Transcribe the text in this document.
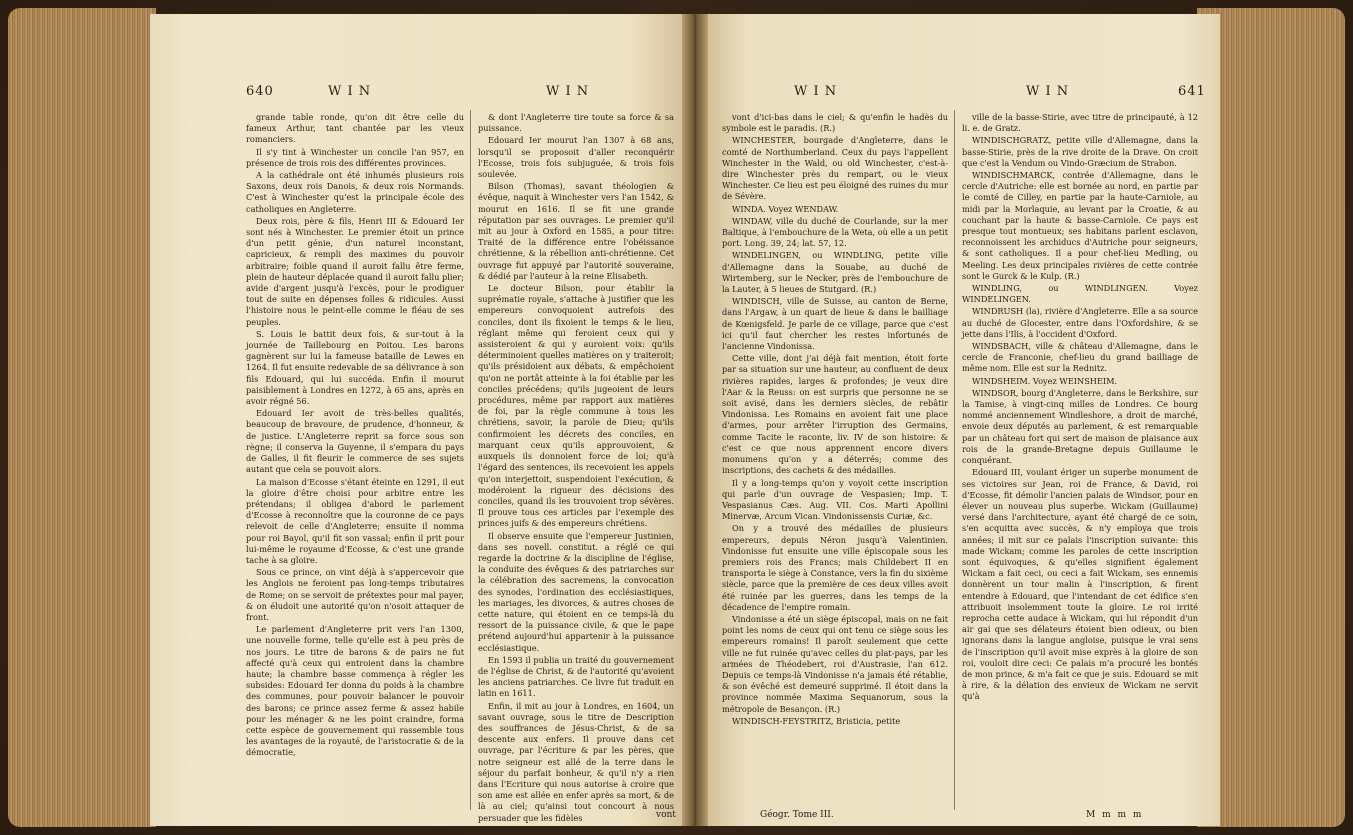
640	W I N	W I N

grande table ronde, qu'on dit être celle du fameux Arthur, tant chantée par les vieux romanciers.

Il s'y tint à Winchester un concile l'an 957, en présence de trois rois des différentes provinces.

A la cathédrale ont été inhumés plusieurs rois Saxons, deux rois Danois, & deux rois Normands. C'est à Winchester qu'est la principale école des catholiques en Angleterre.

Deux rois, père & fils, Henri III & Edouard Ier sont nés à Winchester. Le premier étoit un prince d'un petit génie, d'un naturel inconstant, capricieux, & rempli des maximes du pouvoir arbitraire; foible quand il auroit fallu être ferme, plein de hauteur déplacée quand il auroit fallu plier; avide d'argent jusqu'à l'excès, pour le prodiguer tout de suite en dépenses folles & ridicules. Aussi l'histoire nous le peint-elle comme le fléau de ses peuples.

S. Louis le battit deux fois, & sur-tout à la journée de Taillebourg en Poitou. Les barons gagnèrent sur lui la fameuse bataille de Lewes en 1264. Il fut ensuite redevable de sa délivrance à son fils Edouard, qui lui succéda. Enfin il mourut paisiblement à Londres en 1272, à 65 ans, après en avoir régné 56.

Edouard Ier avoit de très-belles qualités, beaucoup de bravoure, de prudence, d'honneur, & de justice. L'Angleterre reprit sa force sous son règne; il conserva la Guyenne, il s'empara du pays de Galles, il fit fleurir le commerce de ses sujets autant que cela se pouvoit alors.

La maison d'Ecosse s'étant éteinte en 1291, il eut la gloire d'être choisi pour arbitre entre les prétendans; il obligea d'abord le parlement d'Ecosse à reconnoître que la couronne de ce pays relevoit de celle d'Angleterre; ensuite il nomma pour roi Bayol, qu'il fit son vassal; enfin il prit pour lui-même le royaume d'Ecosse, & c'est une grande tache à sa gloire.

Sous ce prince, on vint déjà à s'appercevoir que les Anglois ne feroient pas long-temps tributaires de Rome; on se servoit de prétextes pour mal payer, & on éludoit une autorité qu'on n'osoit attaquer de front.

Le parlement d'Angleterre prit vers l'an 1300, une nouvelle forme, telle qu'elle est à peu près de nos jours. Le titre de barons & de pairs ne fut affecté qu'à ceux qui entroient dans la chambre haute; la chambre basse commença à régler les subsides: Edouard Ier donna du poids à la chambre des communes, pour pouvoir balancer le pouvoir des barons; ce prince assez ferme & assez habile pour les ménager & ne les point craindre, forma cette espèce de gouvernement qui rassemble tous les avantages de la royauté, de l'aristocratie & de la démocratie,

& dont l'Angleterre tire toute sa force & sa puissance.

Edouard Ier mourut l'an 1307 à 68 ans, lorsqu'il se proposoit d'aller reconquérir l'Ecosse, trois fois subjuguée, & trois fois soulevée.

Bilson (Thomas), savant théologien & évêque, naquit à Winchester vers l'an 1542, & mourut en 1616. Il se fit une grande réputation par ses ouvrages. Le premier qu'il mit au jour à Oxford en 1585, a pour titre: Traité de la différence entre l'obéissance chrétienne, & la rébellion anti-chrétienne. Cet ouvrage fut appuyé par l'autorité souveraine, & dédié par l'auteur à la reine Elisabeth.

Le docteur Bilson, pour établir la suprématie royale, s'attache à justifier que les empereurs convoquoient autrefois des conciles, dont ils fixoient le temps & le lieu, réglant même qui feroient ceux qui y assisteroient & qui y auroient voix: qu'ils déterminoient quelles matières on y traiteroit; qu'ils présidoient aux débats, & empêchoient qu'on ne portât atteinte à la foi établie par les conciles précédens; qu'ils jugeoient de leurs procédures, même par rapport aux matières de foi, par la règle commune à tous les chrétiens, savoir, la parole de Dieu; qu'ils confirmoient les décrets des conciles, en marquant ceux qu'ils approuvoient, & auxquels ils donnoient force de loi; qu'à l'égard des sentences, ils recevoient les appels qu'on interjettoit, suspendoient l'exécution, & modéroient la rigueur des décisions des conciles, quand ils les trouvoient trop sévères. Il prouve tous ces articles par l'exemple des princes juifs & des empereurs chrétiens.

Il observe ensuite que l'empereur Justinien, dans ses novell. constitut. a réglé ce qui regarde la doctrine & la discipline de l'église, la conduite des évêques & des patriarches sur la célébration des sacremens, la convocation des synodes, l'ordination des ecclésiastiques, les mariages, les divorces, & autres choses de cette nature, qui étoient en ce temps-là du ressort de la puissance civile, & que le pape prétend aujourd'hui appartenir à la puissance ecclésiastique.

En 1593 il publia un traité du gouvernement de l'église de Christ, & de l'autorité qu'avoient les anciens patriarches. Ce livre fut traduit en latin en 1611.

Enfin, il mit au jour à Londres, en 1604, un savant ouvrage, sous le titre de Description des souffrances de Jésus-Christ, & de sa descente aux enfers. Il prouve dans cet ouvrage, par l'écriture & par les pères, que notre seigneur est allé de la terre dans le séjour du parfait bonheur, & qu'il n'y a rien dans l'Ecriture qui nous autorise à croire que son ame est allée en enfer après sa mort, & de là au ciel; qu'ainsi tout concourt à nous persuader que les fidèles	vont
W I N	W I N	641

vont d'ici-bas dans le ciel; & qu'enfin le hadès du symbole est le paradis. (R.)

WINCHESTER, bourgade d'Angleterre, dans le comté de Northumberland. Ceux du pays l'appellent Winchester in the Wald, ou old Winchester, c'est-à-dire Winchester près du rempart, ou le vieux Winchester. Ce lieu est peu éloigné des ruines du mur de Sévère.

WINDA. Voyez WENDAW.

WINDAW, ville du duché de Courlande, sur la mer Baltique, à l'embouchure de la Weta, où elle a un petit port. Long. 39, 24; lat. 57, 12.

WINDELINGEN, ou WINDLING, petite ville d'Allemagne dans la Souabe, au duché de Wirtemberg, sur le Necker, près de l'embouchure de la Lauter, à 5 lieues de Stutgard. (R.)

WINDISCH, ville de Suisse, au canton de Berne, dans l'Argaw, à un quart de lieue & dans le bailliage de Kœnigsfeld. Je parle de ce village, parce que c'est ici qu'il faut chercher les restes infortunés de l'ancienne Vindonissa.

Cette ville, dont j'ai déjà fait mention, étoit forte par sa situation sur une hauteur, au confluent de deux rivières rapides, larges & profondes; je veux dire l'Aar & la Reuss: on est surpris que personne ne se soit avisé, dans les derniers siècles, de rebâtir Vindonissa. Les Romains en avoient fait une place d'armes, pour arrêter l'irruption des Germains, comme Tacite le raconte, liv. IV de son histoire: & c'est ce que nous apprennent encore divers monumens qu'on y a déterrés; comme des inscriptions, des cachets & des médailles.

Il y a long-temps qu'on y voyoit cette inscription qui parle d'un ouvrage de Vespasien; Imp. T. Vespasianus Cæs. Aug. VII. Cos. Marti Apollini Minervæ, Arcum Vican. Vindonissensis Curiæ, &c.

On y a trouvé des médailles de plusieurs empereurs, depuis Néron jusqu'à Valentinien. Vindonisse fut ensuite une ville épiscopale sous les premiers rois des Francs; mais Childebert II en transporta le siège à Constance, vers la fin du sixième siècle, parce que la première de ces deux villes avoit été ruinée par les guerres, dans les temps de la décadence de l'empire romain.

Vindonisse a été un siège épiscopal, mais on ne fait point les noms de ceux qui ont tenu ce siège sous les empereurs romains! Il paroît seulement que cette ville ne fut ruinée qu'avec celles du plat-pays, par les armées de Théodebert, roi d'Austrasie, l'an 612. Depuis ce temps-là Vindonisse n'a jamais été rétablie, & son évêché est demeuré supprimé. Il étoit dans la province nommée Maxima Sequanorum, sous la métropole de Besançon. (R.)

WINDISCH-FEYSTRITZ, Bristicia, petite

ville de la basse-Stirie, avec titre de principauté, à 12 li. e. de Gratz.

WINDISCHGRATZ, petite ville d'Allemagne, dans la basse-Stirie, près de la rive droite de la Drave. On croit que c'est la Vendum ou Vindo-Græcium de Strabon.

WINDISCHMARCK, contrée d'Allemagne, dans le cercle d'Autriche: elle est bornée au nord, en partie par le comté de Cilley, en partie par la haute-Carniole, au midi par la Morlaquie, au levant par la Croatie, & au couchant par la haute & basse-Carniole. Ce pays est presque tout montueux; ses habitans parlent esclavon, reconnoissent les archiducs d'Autriche pour seigneurs, & sont catholiques. Il a pour chef-lieu Medling, ou Meeling. Les deux principales rivières de cette contrée sont le Gurck & le Kulp. (R.)

WINDLING, ou WINDLINGEN. Voyez WINDELINGEN.

WINDRUSH (la), rivière d'Angleterre. Elle a sa source au duché de Glocester, entre dans l'Oxfordshire, & se jette dans l'Ilis, à l'occident d'Oxford.

WINDSBACH, ville & château d'Allemagne, dans le cercle de Franconie, chef-lieu du grand bailliage de même nom. Elle est sur la Rednitz.

WINDSHEIM. Voyez WEINSHEIM.

WINDSOR, bourg d'Angleterre, dans le Berkshire, sur la Tamise, à vingt-cinq milles de Londres. Ce bourg nommé anciennement Windleshore, a droit de marché, envoie deux députés au parlement, & est remarquable par un château fort qui sert de maison de plaisance aux rois de la grande-Bretagne depuis Guillaume le conquérant.

Edouard III, voulant ériger un superbe monument de ses victoires sur Jean, roi de France, & David, roi d'Ecosse, fit démolir l'ancien palais de Windsor, pour en élever un nouveau plus superbe. Wickam (Guillaume) versé dans l'architecture, ayant été chargé de ce soin, s'en acquitta avec succès, & n'y employa que trois années; il mit sur ce palais l'inscription suivante: this made Wickam; comme les paroles de cette inscription sont équivoques, & qu'elles signifient également Wickam a fait ceci, ou ceci a fait Wickam, ses ennemis donnèrent un tour malin à l'inscription, & firent entendre à Edouard, que l'intendant de cet édifice s'en attribuoit insolemment toute la gloire. Le roi irrité reprocha cette audace à Wickam, qui lui répondit d'un air gai que ses délateurs étoient bien odieux, ou bien ignorans dans la langue angloise, puisque le vrai sens de l'inscription qu'il avoit mise exprès à la gloire de son roi, vouloit dire ceci: Ce palais m'a procuré les bontés de mon prince, & m'a fait ce que je suis. Edouard se mit à rire, & la délation des envieux de Wickam ne servit qu'à

Géogr. Tome III.	M m m m
